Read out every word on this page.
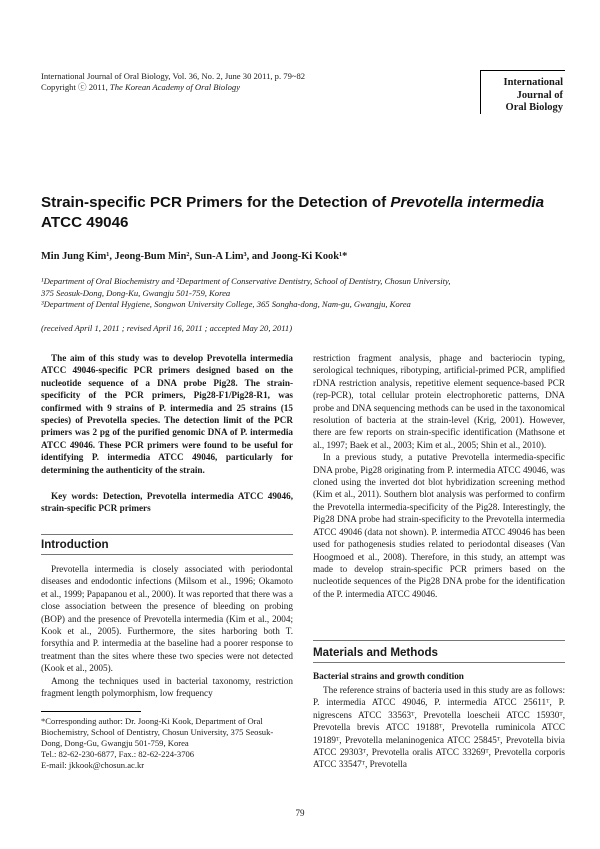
International Journal of Oral Biology, Vol. 36, No. 2, June 30 2011, p. 79~82
Copyright ⓒ 2011, The Korean Academy of Oral Biology	International
Journal of
Oral Biology
Strain-specific PCR Primers for the Detection of Prevotella intermedia
ATCC 49046
Min Jung Kim¹, Jeong-Bum Min², Sun-A Lim³, and Joong-Ki Kook¹*
¹Department of Oral Biochemistry and ²Department of Conservative Dentistry, School of Dentistry, Chosun University,
375 Seosuk-Dong, Dong-Ku, Gwangju 501-759, Korea
³Department of Dental Hygiene, Songwon University College, 365 Songha-dong, Nam-gu, Gwangju, Korea
(received April 1, 2011 ; revised April 16, 2011 ; accepted May 20, 2011)

The aim of this study was to develop Prevotella intermedia ATCC 49046-specific PCR primers designed based on the nucleotide sequence of a DNA probe Pig28. The strain-specificity of the PCR primers, Pig28-F1/Pig28-R1, was confirmed with 9 strains of P. intermedia and 25 strains (15 species) of Prevotella species. The detection limit of the PCR primers was 2 pg of the purified genomic DNA of P. intermedia ATCC 49046. These PCR primers were found to be useful for identifying P. intermedia ATCC 49046, particularly for determining the authenticity of the strain.

Key words: Detection, Prevotella intermedia ATCC 49046, strain-specific PCR primers
Introduction

Prevotella intermedia is closely associated with periodontal diseases and endodontic infections (Milsom et al., 1996; Okamoto et al., 1999; Papapanou et al., 2000). It was reported that there was a close association between the presence of bleeding on probing (BOP) and the presence of Prevotella intermedia (Kim et al., 2004; Kook et al., 2005). Furthermore, the sites harboring both T. forsythia and P. intermedia at the baseline had a poorer response to treatment than the sites where these two species were not detected (Kook et al., 2005).

Among the techniques used in bacterial taxonomy, restriction fragment length polymorphism, low frequency

*Corresponding author: Dr. Joong-Ki Kook, Department of Oral Biochemistry, School of Dentistry, Chosun University, 375 Seosuk-Dong, Dong-Gu, Gwangju 501-759, Korea
Tel.: 82-62-230-6877, Fax.: 82-62-224-3706
E-mail: jkkook@chosun.ac.kr

restriction fragment analysis, phage and bacteriocin typing, serological techniques, ribotyping, artificial-primed PCR, amplified rDNA restriction analysis, repetitive element sequence-based PCR (rep-PCR), total cellular protein electrophoretic patterns, DNA probe and DNA sequencing methods can be used in the taxonomical resolution of bacteria at the strain-level (Krig, 2001). However, there are few reports on strain-specific identification (Mathsone et al., 1997; Baek et al., 2003; Kim et al., 2005; Shin et al., 2010).

In a previous study, a putative Prevotella intermedia-specific DNA probe, Pig28 originating from P. intermedia ATCC 49046, was cloned using the inverted dot blot hybridization screening method (Kim et al., 2011). Southern blot analysis was performed to confirm the Prevotella intermedia-specificity of the Pig28. Interestingly, the Pig28 DNA probe had strain-specificity to the Prevotella intermedia ATCC 49046 (data not shown). P. intermedia ATCC 49046 has been used for pathogenesis studies related to periodontal diseases (Van Hoogmoed et al., 2008). Therefore, in this study, an attempt was made to develop strain-specific PCR primers based on the nucleotide sequences of the Pig28 DNA probe for the identification of the P. intermedia ATCC 49046.

Materials and Methods
Bacterial strains and growth condition

The reference strains of bacteria used in this study are as follows: P. intermedia ATCC 49046, P. intermedia ATCC 25611ᵀ, P. nigrescens ATCC 33563ᵀ, Prevotella loescheii ATCC 15930ᵀ, Prevotella brevis ATCC 19188ᵀ, Prevotella ruminicola ATCC 19189ᵀ, Prevotella melaninogenica ATCC 25845ᵀ, Prevotella bivia ATCC 29303ᵀ, Prevotella oralis ATCC 33269ᵀ, Prevotella corporis ATCC 33547ᵀ, Prevotella

79
